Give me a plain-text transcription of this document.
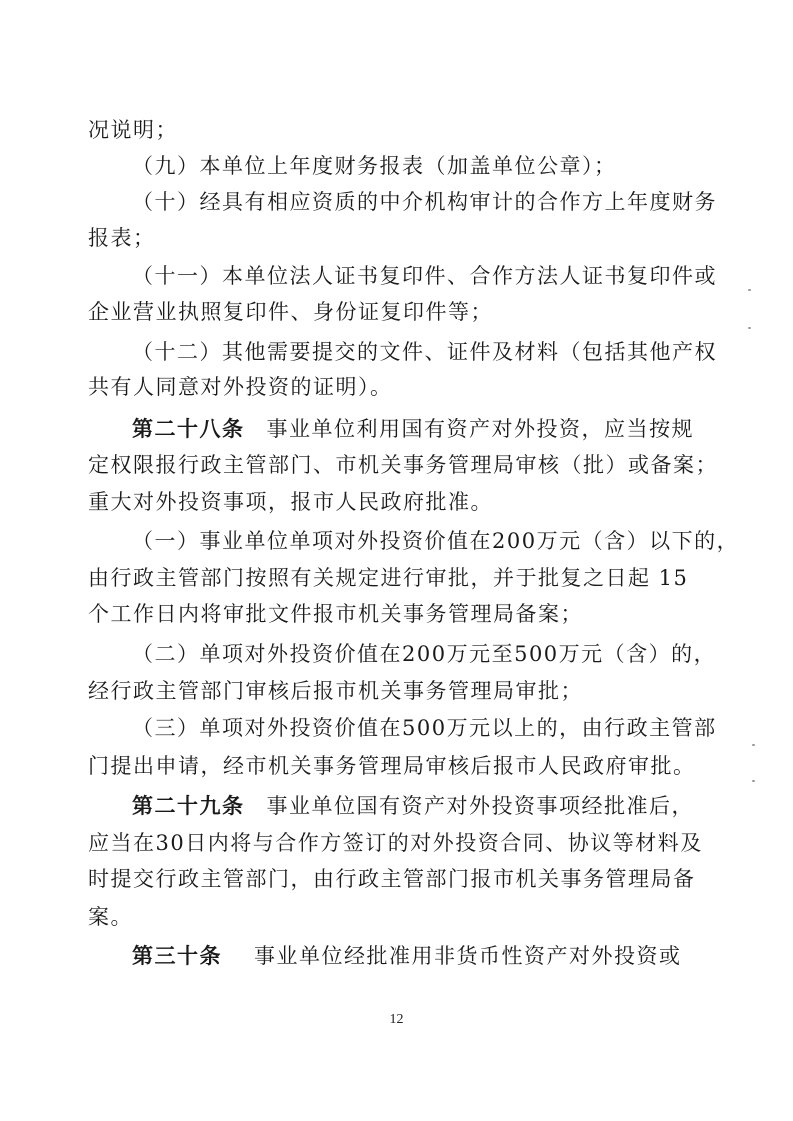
况说明；
（九）本单位上年度财务报表（加盖单位公章）；
（十）经具有相应资质的中介机构审计的合作方上年度财务
报表；
（十一）本单位法人证书复印件、合作方法人证书复印件或
企业营业执照复印件、身份证复印件等；
（十二）其他需要提交的文件、证件及材料（包括其他产权
共有人同意对外投资的证明）。
第二十八条 事业单位利用国有资产对外投资，应当按规
定权限报行政主管部门、市机关事务管理局审核（批）或备案；
重大对外投资事项，报市人民政府批准。
（一）事业单位单项对外投资价值在200万元（含）以下的，
由行政主管部门按照有关规定进行审批，并于批复之日起 15
个工作日内将审批文件报市机关事务管理局备案；
（二）单项对外投资价值在200万元至500万元（含）的，
经行政主管部门审核后报市机关事务管理局审批；
（三）单项对外投资价值在500万元以上的，由行政主管部
门提出申请，经市机关事务管理局审核后报市人民政府审批。
第二十九条 事业单位国有资产对外投资事项经批准后，
应当在30日内将与合作方签订的对外投资合同、协议等材料及
时提交行政主管部门，由行政主管部门报市机关事务管理局备
案。
第三十条 事业单位经批准用非货币性资产对外投资或
12
